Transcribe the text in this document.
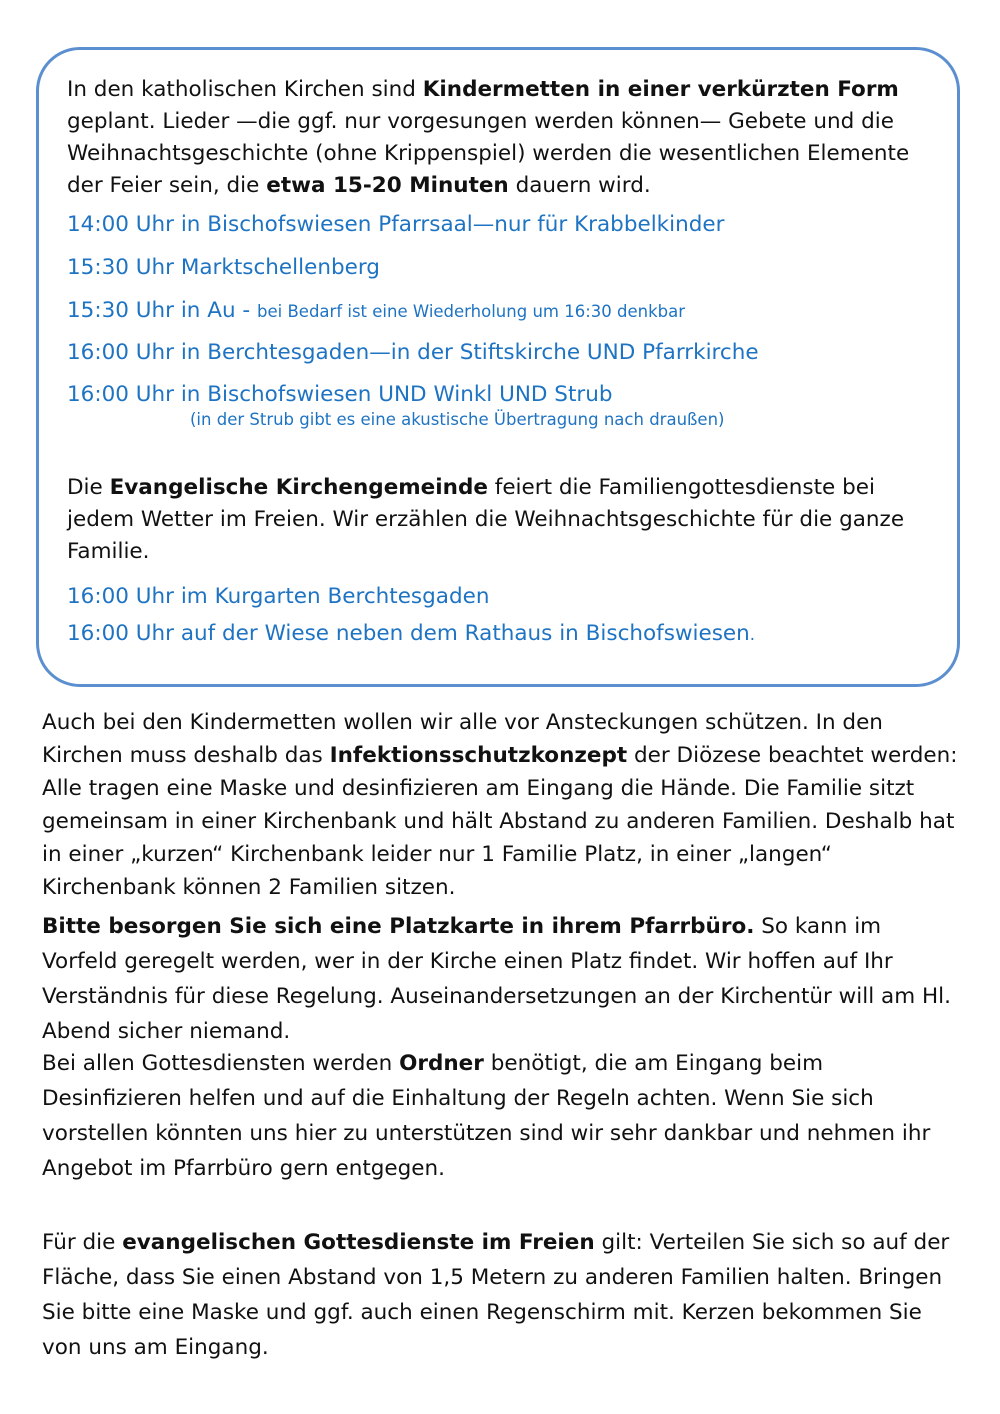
In den katholischen Kirchen sind Kindermetten in einer verkürzten Form geplant. Lieder —die ggf. nur vorgesungen werden können— Gebete und die Weihnachtsgeschichte (ohne Krippenspiel) werden die wesentlichen Elemente der Feier sein, die etwa 15-20 Minuten dauern wird.

14:00 Uhr in Bischofswiesen Pfarrsaal—nur für Krabbelkinder

15:30 Uhr Marktschellenberg

15:30 Uhr in Au - bei Bedarf ist eine Wiederholung um 16:30 denkbar

16:00 Uhr in Berchtesgaden—in der Stiftskirche UND Pfarrkirche

16:00 Uhr in Bischofswiesen UND Winkl UND Strub

(in der Strub gibt es eine akustische Übertragung nach draußen)

Die Evangelische Kirchengemeinde feiert die Familiengottesdienste bei jedem Wetter im Freien. Wir erzählen die Weihnachtsgeschichte für die ganze Familie.

16:00 Uhr im Kurgarten Berchtesgaden

16:00 Uhr auf der Wiese neben dem Rathaus in Bischofswiesen.

Auch bei den Kindermetten wollen wir alle vor Ansteckungen schützen. In den Kirchen muss deshalb das Infektionsschutzkonzept der Diözese beachtet werden: Alle tragen eine Maske und desinfizieren am Eingang die Hände. Die Familie sitzt gemeinsam in einer Kirchenbank und hält Abstand zu anderen Familien. Deshalb hat in einer „kurzen“ Kirchenbank leider nur 1 Familie Platz, in einer „langen“ Kirchenbank können 2 Familien sitzen.

Bitte besorgen Sie sich eine Platzkarte in ihrem Pfarrbüro. So kann im Vorfeld geregelt werden, wer in der Kirche einen Platz findet. Wir hoffen auf Ihr Verständnis für diese Regelung. Auseinandersetzungen an der Kirchentür will am Hl. Abend sicher niemand.

Bei allen Gottesdiensten werden Ordner benötigt, die am Eingang beim Desinfizieren helfen und auf die Einhaltung der Regeln achten. Wenn Sie sich vorstellen könnten uns hier zu unterstützen sind wir sehr dankbar und nehmen ihr Angebot im Pfarrbüro gern entgegen.

Für die evangelischen Gottesdienste im Freien gilt: Verteilen Sie sich so auf der Fläche, dass Sie einen Abstand von 1,5 Metern zu anderen Familien halten. Bringen Sie bitte eine Maske und ggf. auch einen Regenschirm mit. Kerzen bekommen Sie von uns am Eingang.
